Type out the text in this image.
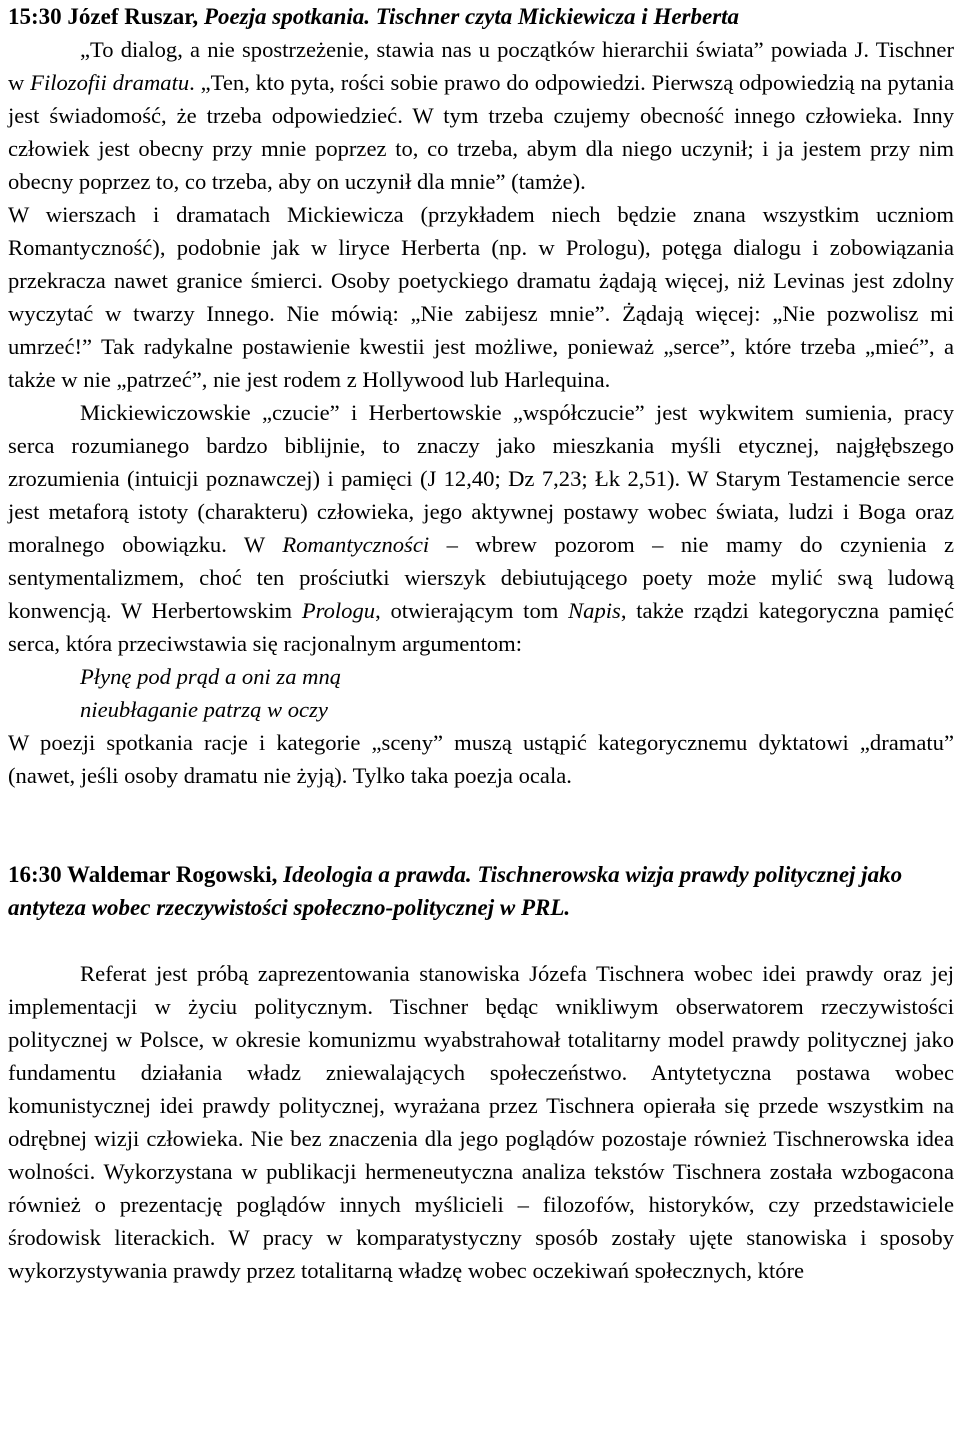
15:30 Józef Ruszar, Poezja spotkania. Tischner czyta Mickiewicza i Herberta

„To dialog, a nie spostrzeżenie, stawia nas u początków hierarchii świata” powiada J. Tischner w Filozofii dramatu. „Ten, kto pyta, rości sobie prawo do odpowiedzi. Pierwszą odpowiedzią na pytania jest świadomość, że trzeba odpowiedzieć. W tym trzeba czujemy obecność innego człowieka. Inny człowiek jest obecny przy mnie poprzez to, co trzeba, abym dla niego uczynił; i ja jestem przy nim obecny poprzez to, co trzeba, aby on uczynił dla mnie” (tamże).

W wierszach i dramatach Mickiewicza (przykładem niech będzie znana wszystkim uczniom Romantyczność), podobnie jak w liryce Herberta (np. w Prologu), potęga dialogu i zobowiązania przekracza nawet granice śmierci. Osoby poetyckiego dramatu żądają więcej, niż Levinas jest zdolny wyczytać w twarzy Innego. Nie mówią: „Nie zabijesz mnie”. Żądają więcej: „Nie pozwolisz mi umrzeć!” Tak radykalne postawienie kwestii jest możliwe, ponieważ „serce”, które trzeba „mieć”, a także w nie „patrzeć”, nie jest rodem z Hollywood lub Harlequina.

Mickiewiczowskie „czucie” i Herbertowskie „współczucie” jest wykwitem sumienia, pracy serca rozumianego bardzo biblijnie, to znaczy jako mieszkania myśli etycznej, najgłębszego zrozumienia (intuicji poznawczej) i pamięci (J 12,40; Dz 7,23; Łk 2,51). W Starym Testamencie serce jest metaforą istoty (charakteru) człowieka, jego aktywnej postawy wobec świata, ludzi i Boga oraz moralnego obowiązku. W Romantyczności – wbrew pozorom – nie mamy do czynienia z sentymentalizmem, choć ten prościutki wierszyk debiutującego poety może mylić swą ludową konwencją. W Herbertowskim Prologu, otwierającym tom Napis, także rządzi kategoryczna pamięć serca, która przeciwstawia się racjonalnym argumentom:

Płynę pod prąd a oni za mną
nieubłaganie patrzą w oczy

W poezji spotkania racje i kategorie „sceny” muszą ustąpić kategorycznemu dyktatowi „dramatu” (nawet, jeśli osoby dramatu nie żyją). Tylko taka poezja ocala.

16:30 Waldemar Rogowski, Ideologia a prawda. Tischnerowska wizja prawdy politycznej jako antyteza wobec rzeczywistości społeczno-politycznej w PRL.

Referat jest próbą zaprezentowania stanowiska Józefa Tischnera wobec idei prawdy oraz jej implementacji w życiu politycznym. Tischner będąc wnikliwym obserwatorem rzeczywistości politycznej w Polsce, w okresie komunizmu wyabstrahował totalitarny model prawdy politycznej jako fundamentu działania władz zniewalających społeczeństwo. Antytetyczna postawa wobec komunistycznej idei prawdy politycznej, wyrażana przez Tischnera opierała się przede wszystkim na odrębnej wizji człowieka. Nie bez znaczenia dla jego poglądów pozostaje również Tischnerowska idea wolności. Wykorzystana w publikacji hermeneutyczna analiza tekstów Tischnera została wzbogacona również o prezentację poglądów innych myślicieli – filozofów, historyków, czy przedstawiciele środowisk literackich. W pracy w komparatystyczny sposób zostały ujęte stanowiska i sposoby wykorzystywania prawdy przez totalitarną władzę wobec oczekiwań społecznych, które
